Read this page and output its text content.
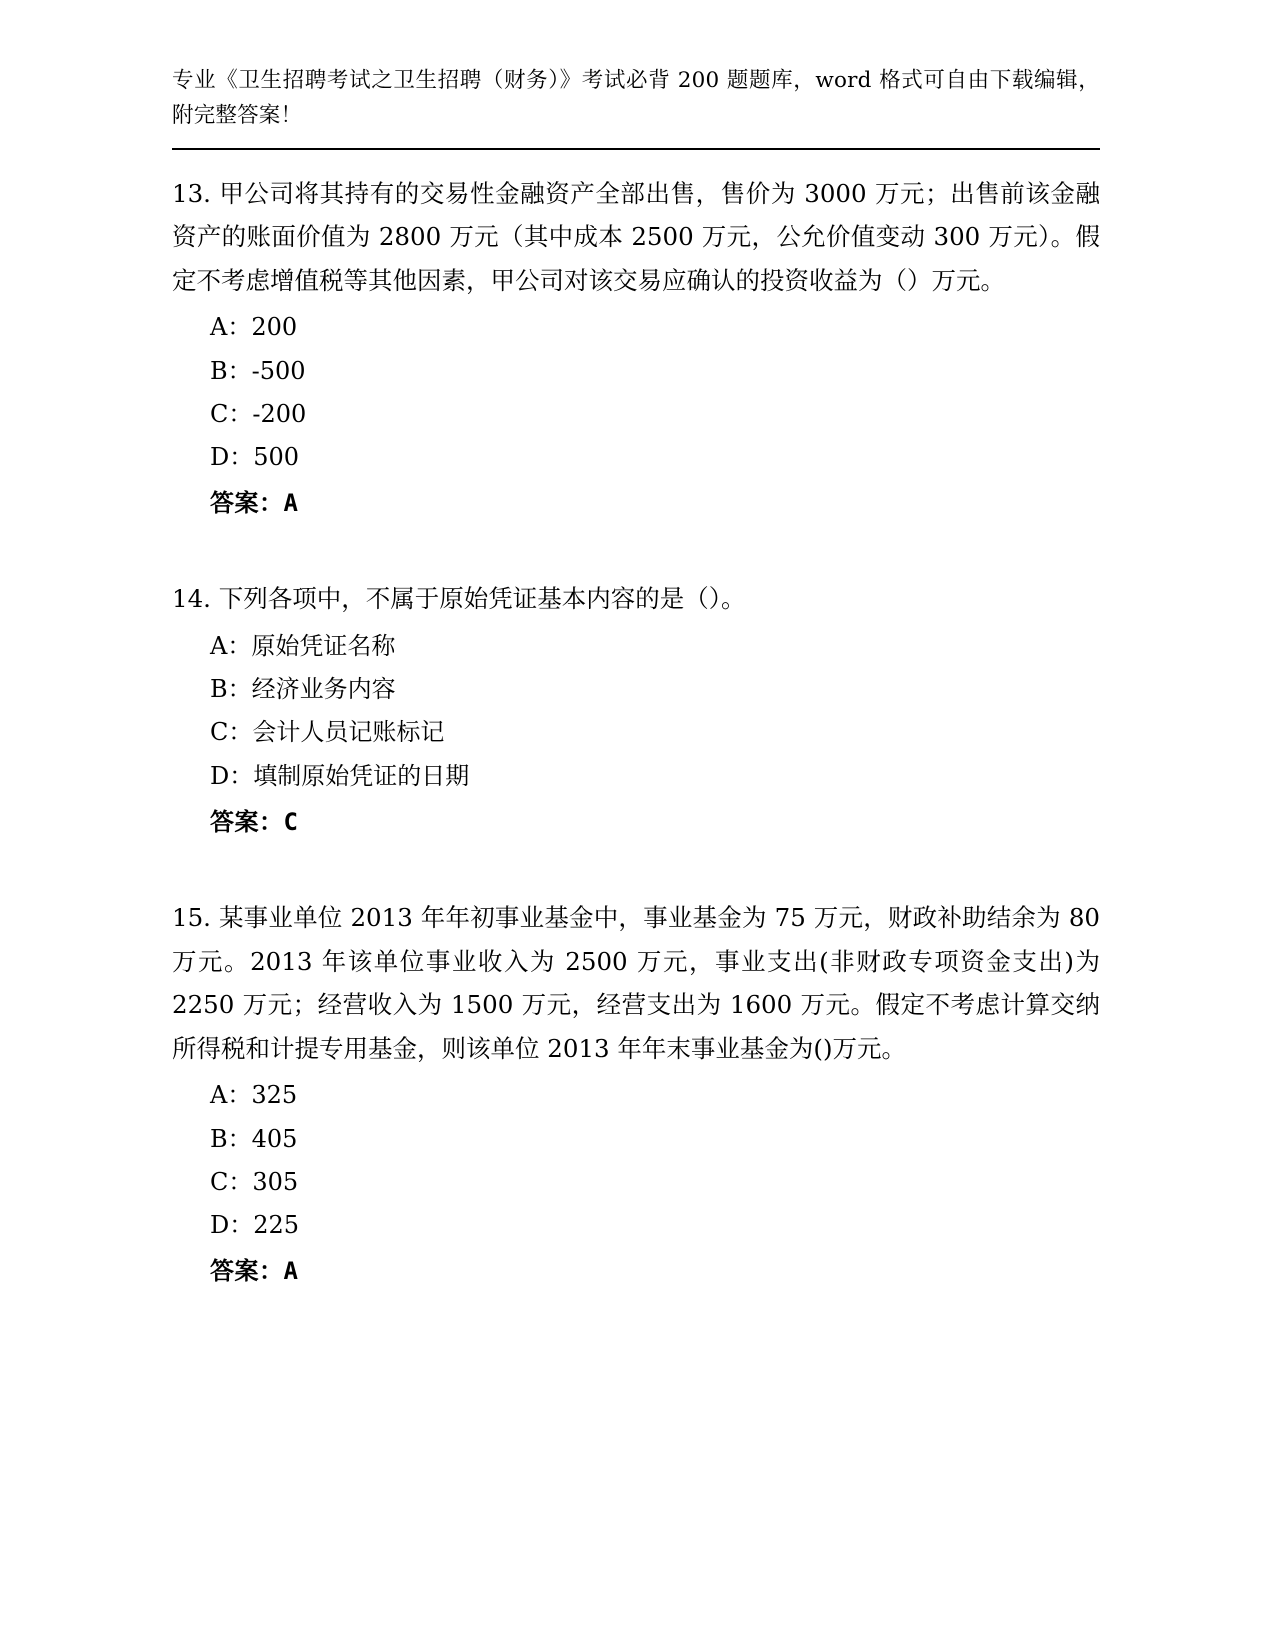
专业《卫生招聘考试之卫生招聘（财务）》考试必背 200 题题库，word 格式可自由下载编辑，附完整答案！

13. 甲公司将其持有的交易性金融资产全部出售，售价为 3000 万元；出售前该金融资产的账面价值为 2800 万元（其中成本 2500 万元，公允价值变动 300 万元）。假定不考虑增值税等其他因素，甲公司对该交易应确认的投资收益为（）万元。

A：200

B：-500

C：-200

D：500

答案：A

14. 下列各项中，不属于原始凭证基本内容的是（）。

A：原始凭证名称

B：经济业务内容

C：会计人员记账标记

D：填制原始凭证的日期

答案：C

15. 某事业单位 2013 年年初事业基金中，事业基金为 75 万元，财政补助结余为 80 万元。2013 年该单位事业收入为 2500 万元，事业支出(非财政专项资金支出)为 2250 万元；经营收入为 1500 万元，经营支出为 1600 万元。假定不考虑计算交纳所得税和计提专用基金，则该单位 2013 年年末事业基金为()万元。

A：325

B：405

C：305

D：225

答案：A
